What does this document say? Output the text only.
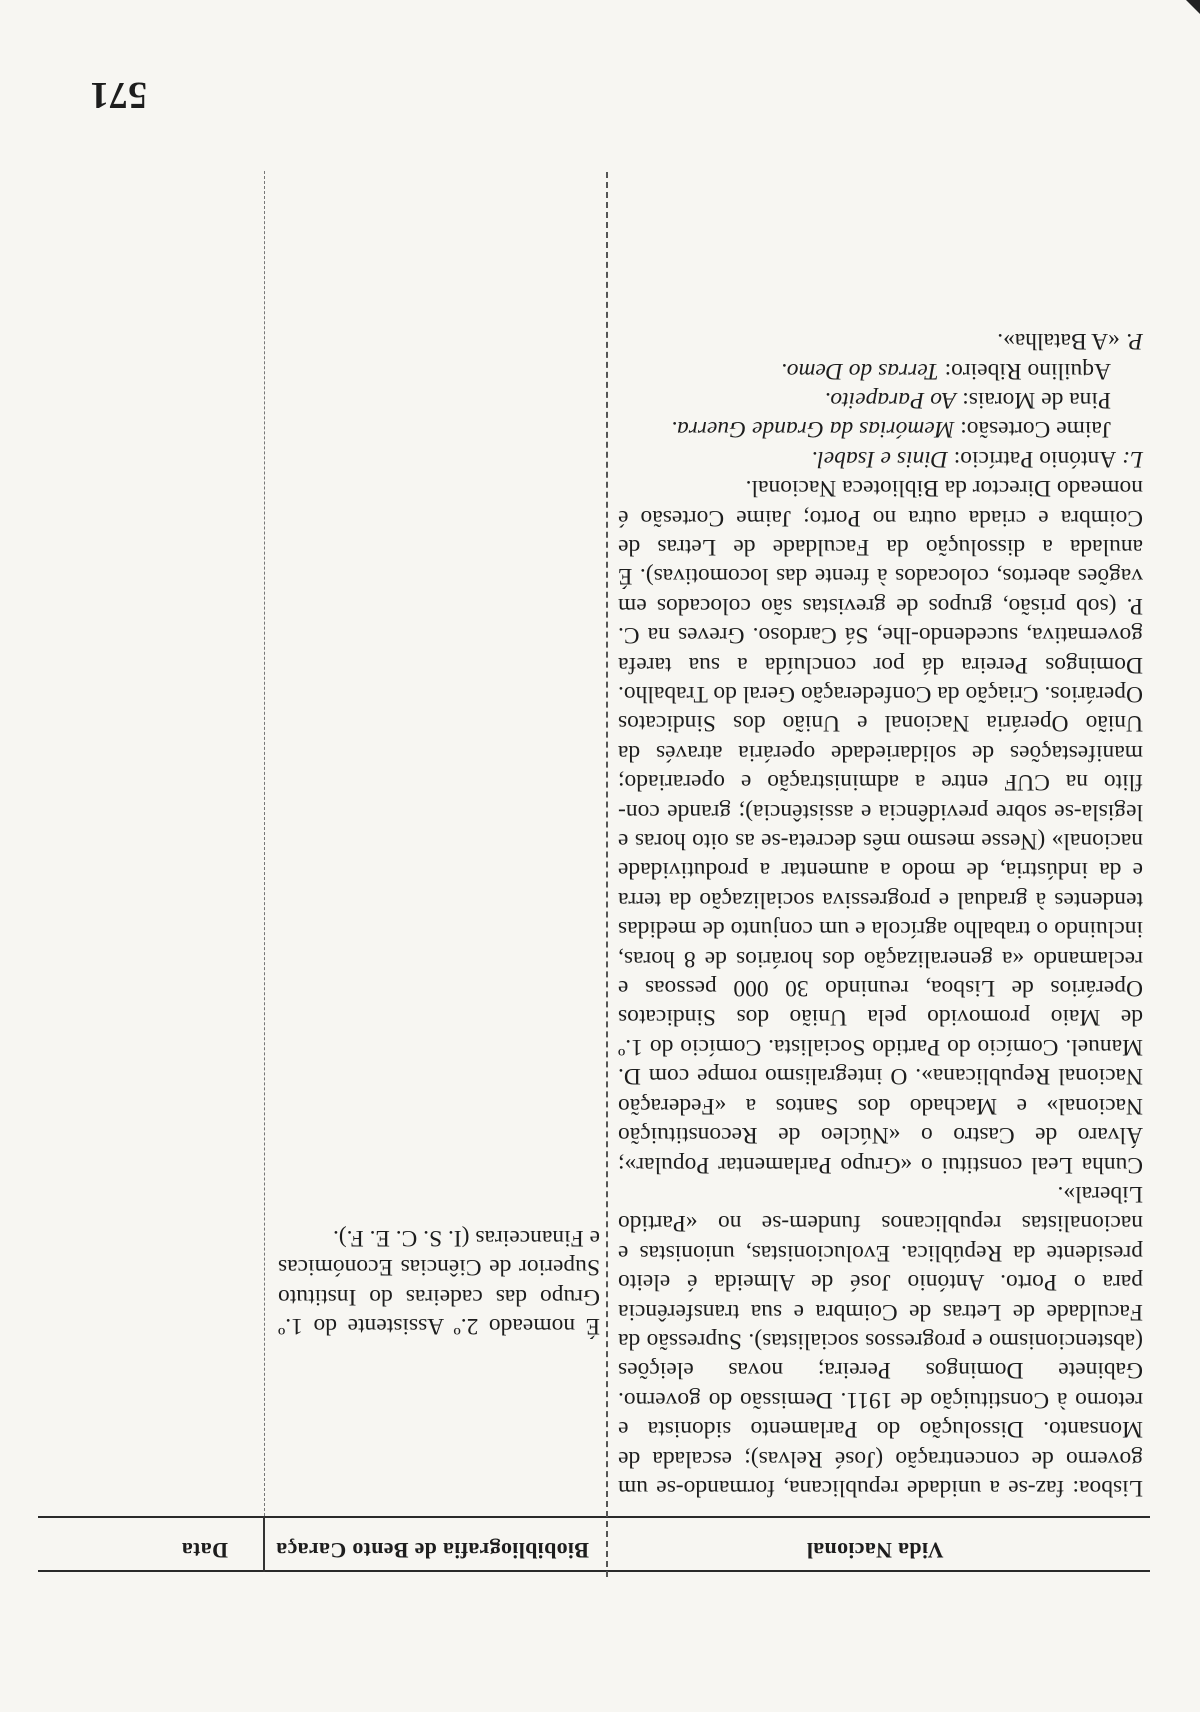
Vida Nacional
Biobibliografia de Bento Caraça
Data

Lisboa: faz-se a unidade republicana, formando-se um governo de concentração (José Relvas); escalada de Monsanto. Dissolução do Parlamento sidonista e retorno à Constituição de 1911. Demissão do governo. Gabinete Domingos Pereira; novas eleições (abstencionismo e progressos socialistas). Supressão da Faculdade de Letras de Coimbra e sua transferência para o Porto. António José de Almeida é eleito presidente da República. Evolucionistas, unionistas e nacionalistas republicanos fundem-se no «Partido Liberal».

Cunha Leal constitui o «Grupo Parlamentar Popular»; Álvaro de Castro o «Núcleo de Reconstituição Nacional» e Machado dos Santos a «Federação Nacional Republicana». O integralismo rompe com D. Manuel. Comício do Partido Socialista. Comício do 1.º de Maio promovido pela União dos Sindicatos Operários de Lisboa, reunindo 30 000 pessoas e reclamando «a generalização dos horários de 8 horas, incluindo o trabalho agrícola e um conjunto de medidas tendentes à gradual e progressiva socialização da terra e da indústria, de modo a aumentar a produtividade nacional» (Nesse mesmo mês decreta-se as oito horas e legisla-se sobre previdência e assistência); grande conflito na CUF entre a administração e operariado; manifestações de solidariedade operária através da União Operária Nacional e União dos Sindicatos Operários. Criação da Confederação Geral do Trabalho. Domingos Pereira dá por concluída a sua tarefa governativa, sucedendo-lhe, Sá Cardoso. Greves na C. P. (sob prisão, grupos de grevistas são colocados em vagões abertos, colocados à frente das locomotivas). É anulada a dissolução da Faculdade de Letras de Coimbra e criada outra no Porto; Jaime Cortesão é nomeado Director da Biblioteca Nacional.

L: António Patrício: Dinis e Isabel.

Jaime Cortesão: Memórias da Grande Guerra.

Pina de Morais: Ao Parapeito.

Aquilino Ribeiro: Terras do Demo.

P. «A Batalha».

É nomeado 2.º Assistente do 1.º Grupo das cadeiras do Instituto Superior de Ciências Económicas e Financeiras (I. S. C. E. F.).

571
